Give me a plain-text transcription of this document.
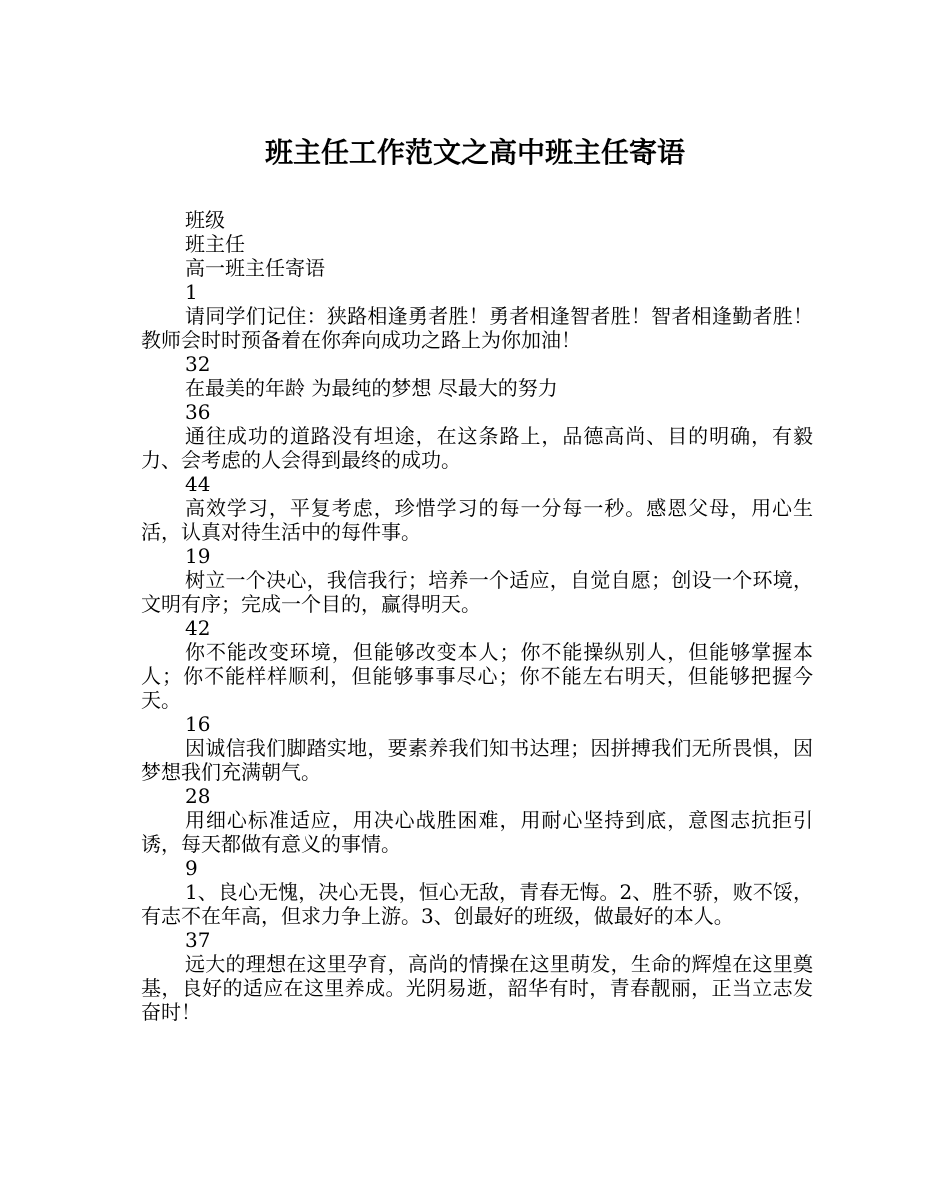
班主任工作范文之高中班主任寄语

班级

班主任

高一班主任寄语

1

请同学们记住：狭路相逢勇者胜！勇者相逢智者胜！智者相逢勤者胜！教师会时时预备着在你奔向成功之路上为你加油！

32

在最美的年龄 为最纯的梦想 尽最大的努力

36

通往成功的道路没有坦途，在这条路上，品德高尚、目的明确，有毅力、会考虑的人会得到最终的成功。

44

高效学习，平复考虑，珍惜学习的每一分每一秒。感恩父母，用心生活，认真对待生活中的每件事。

19

树立一个决心，我信我行；培养一个适应，自觉自愿；创设一个环境，文明有序；完成一个目的，赢得明天。

42

你不能改变环境，但能够改变本人；你不能操纵别人，但能够掌握本人；你不能样样顺利，但能够事事尽心；你不能左右明天，但能够把握今天。

16

因诚信我们脚踏实地，要素养我们知书达理；因拼搏我们无所畏惧，因梦想我们充满朝气。

28

用细心标准适应，用决心战胜困难，用耐心坚持到底，意图志抗拒引诱，每天都做有意义的事情。

9

1、良心无愧，决心无畏，恒心无敌，青春无悔。2、胜不骄，败不馁，有志不在年高，但求力争上游。3、创最好的班级，做最好的本人。

37

远大的理想在这里孕育，高尚的情操在这里萌发，生命的辉煌在这里奠基，良好的适应在这里养成。光阴易逝，韶华有时，青春靓丽，正当立志发奋时！
